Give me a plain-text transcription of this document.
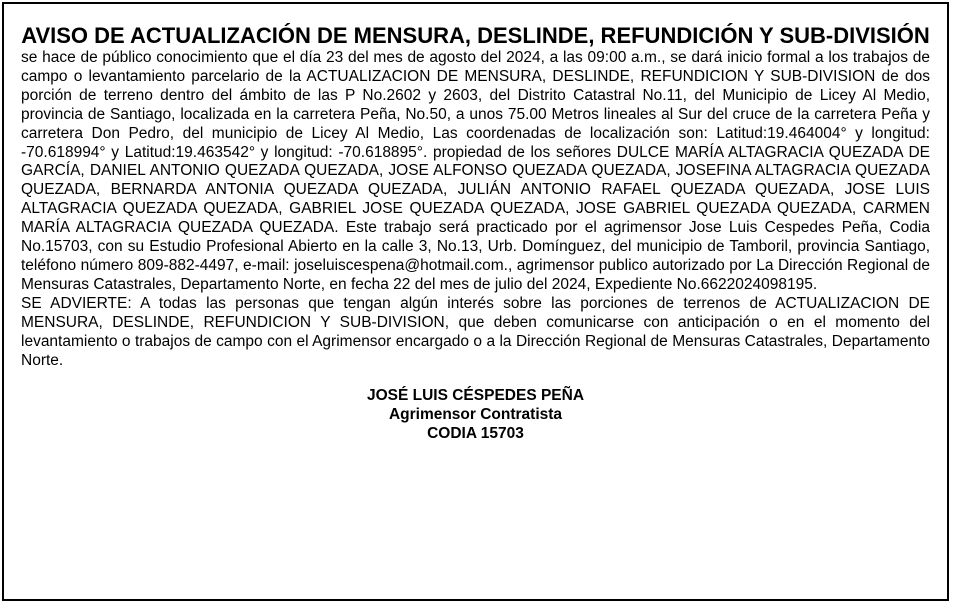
AVISO DE ACTUALIZACIÓN DE MENSURA, DESLINDE, REFUNDICIÓN Y SUB-DIVISIÓN

se hace de público conocimiento que el día 23 del mes de agosto del 2024, a las 09:00 a.m., se dará inicio formal a los trabajos de campo o levantamiento parcelario de la ACTUALIZACION DE MENSURA, DESLINDE, REFUNDICION Y SUB-DIVISION de dos porción de terreno dentro del ámbito de las P No.2602 y 2603, del Distrito Catastral No.11, del Municipio de Licey Al Medio, provincia de Santiago, localizada en la carretera Peña, No.50, a unos 75.00 Metros lineales al Sur del cruce de la carretera Peña y carretera Don Pedro, del municipio de Licey Al Medio, Las coordenadas de localización son: Latitud:19.464004° y longitud: -70.618994° y Latitud:19.463542° y longitud: -70.618895°. propiedad de los señores DULCE MARÍA ALTAGRACIA QUEZADA DE GARCÍA, DANIEL ANTONIO QUEZADA QUEZADA, JOSE ALFONSO QUEZADA QUEZADA, JOSEFINA ALTAGRACIA QUEZADA QUEZADA, BERNARDA ANTONIA QUEZADA QUEZADA, JULIÁN ANTONIO RAFAEL QUEZADA QUEZADA, JOSE LUIS ALTAGRACIA QUEZADA QUEZADA, GABRIEL JOSE QUEZADA QUEZADA, JOSE GABRIEL QUEZADA QUEZADA, CARMEN MARÍA ALTAGRACIA QUEZADA QUEZADA. Este trabajo será practicado por el agrimensor Jose Luis Cespedes Peña, Codia No.15703, con su Estudio Profesional Abierto en la calle 3, No.13, Urb. Domínguez, del municipio de Tamboril, provincia Santiago, teléfono número 809-882-4497, e-mail: joseluiscespena@hotmail.com., agrimensor publico autorizado por La Dirección Regional de Mensuras Catastrales, Departamento Norte, en fecha 22 del mes de julio del 2024, Expediente No.6622024098195.

SE ADVIERTE: A todas las personas que tengan algún interés sobre las porciones de terrenos de ACTUALIZACION DE MENSURA, DESLINDE, REFUNDICION Y SUB-DIVISION, que deben comunicarse con anticipación o en el momento del levantamiento o trabajos de campo con el Agrimensor encargado o a la Dirección Regional de Mensuras Catastrales, Departamento Norte.

JOSÉ LUIS CÉSPEDES PEÑA
Agrimensor Contratista
CODIA 15703
